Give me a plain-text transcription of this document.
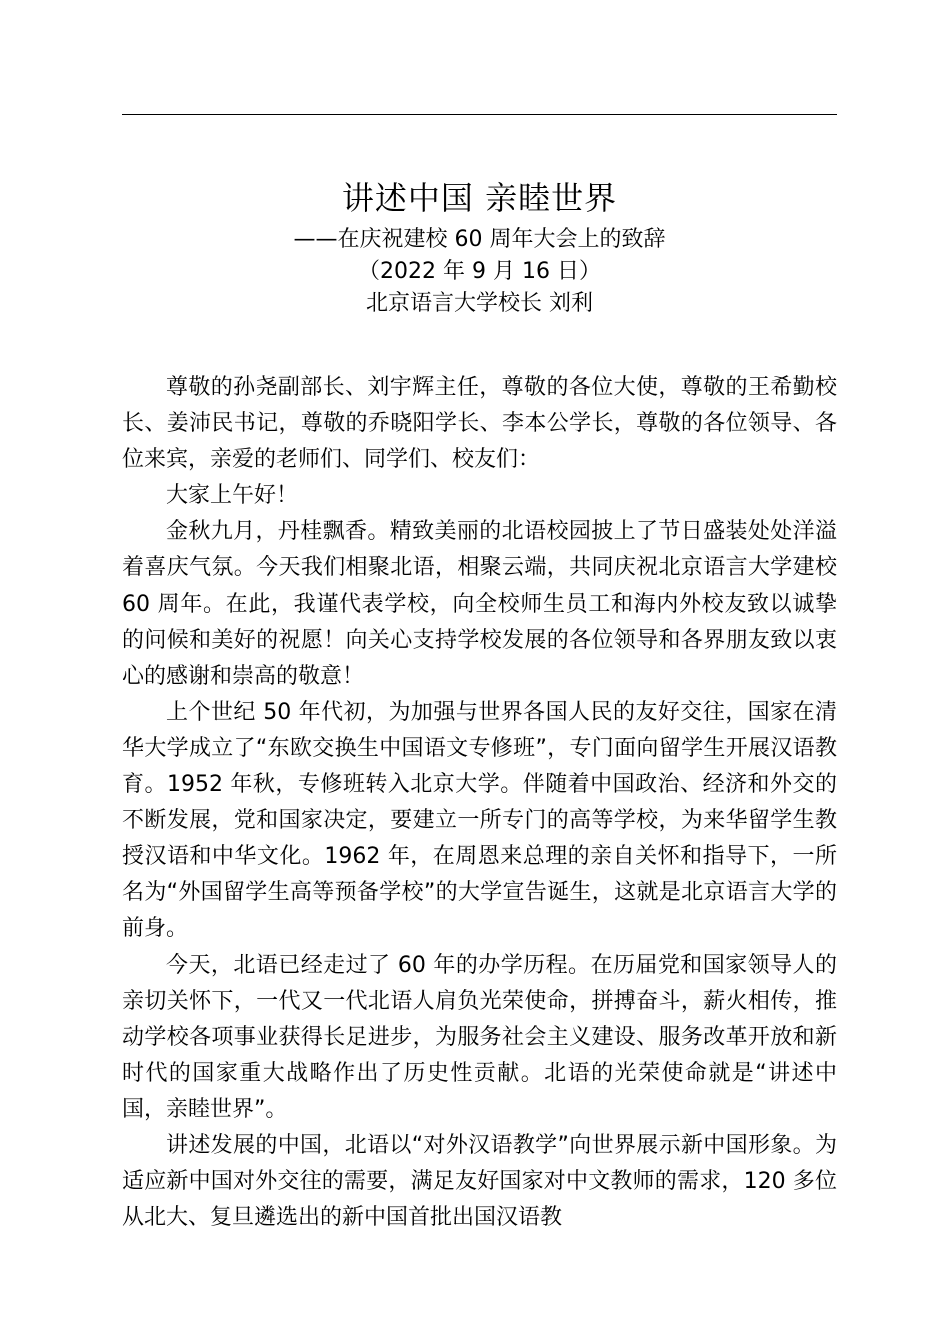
讲述中国 亲睦世界
——在庆祝建校 60 周年大会上的致辞
（2022 年 9 月 16 日）
北京语言大学校长 刘利

尊敬的孙尧副部长、刘宇辉主任，尊敬的各位大使，尊敬的王希勤校长、姜沛民书记，尊敬的乔晓阳学长、李本公学长，尊敬的各位领导、各位来宾，亲爱的老师们、同学们、校友们：

大家上午好！

金秋九月，丹桂飘香。精致美丽的北语校园披上了节日盛装处处洋溢着喜庆气氛。今天我们相聚北语，相聚云端，共同庆祝北京语言大学建校 60 周年。在此，我谨代表学校，向全校师生员工和海内外校友致以诚挚的问候和美好的祝愿！向关心支持学校发展的各位领导和各界朋友致以衷心的感谢和崇高的敬意！

上个世纪 50 年代初，为加强与世界各国人民的友好交往，国家在清华大学成立了“东欧交换生中国语文专修班”，专门面向留学生开展汉语教育。1952 年秋，专修班转入北京大学。伴随着中国政治、经济和外交的不断发展，党和国家决定，要建立一所专门的高等学校，为来华留学生教授汉语和中华文化。1962 年，在周恩来总理的亲自关怀和指导下，一所名为“外国留学生高等预备学校”的大学宣告诞生，这就是北京语言大学的前身。

今天，北语已经走过了 60 年的办学历程。在历届党和国家领导人的亲切关怀下，一代又一代北语人肩负光荣使命，拼搏奋斗，薪火相传，推动学校各项事业获得长足进步，为服务社会主义建设、服务改革开放和新时代的国家重大战略作出了历史性贡献。北语的光荣使命就是“讲述中国，亲睦世界”。

讲述发展的中国，北语以“对外汉语教学”向世界展示新中国形象。为适应新中国对外交往的需要，满足友好国家对中文教师的需求，120 多位从北大、复旦遴选出的新中国首批出国汉语教
